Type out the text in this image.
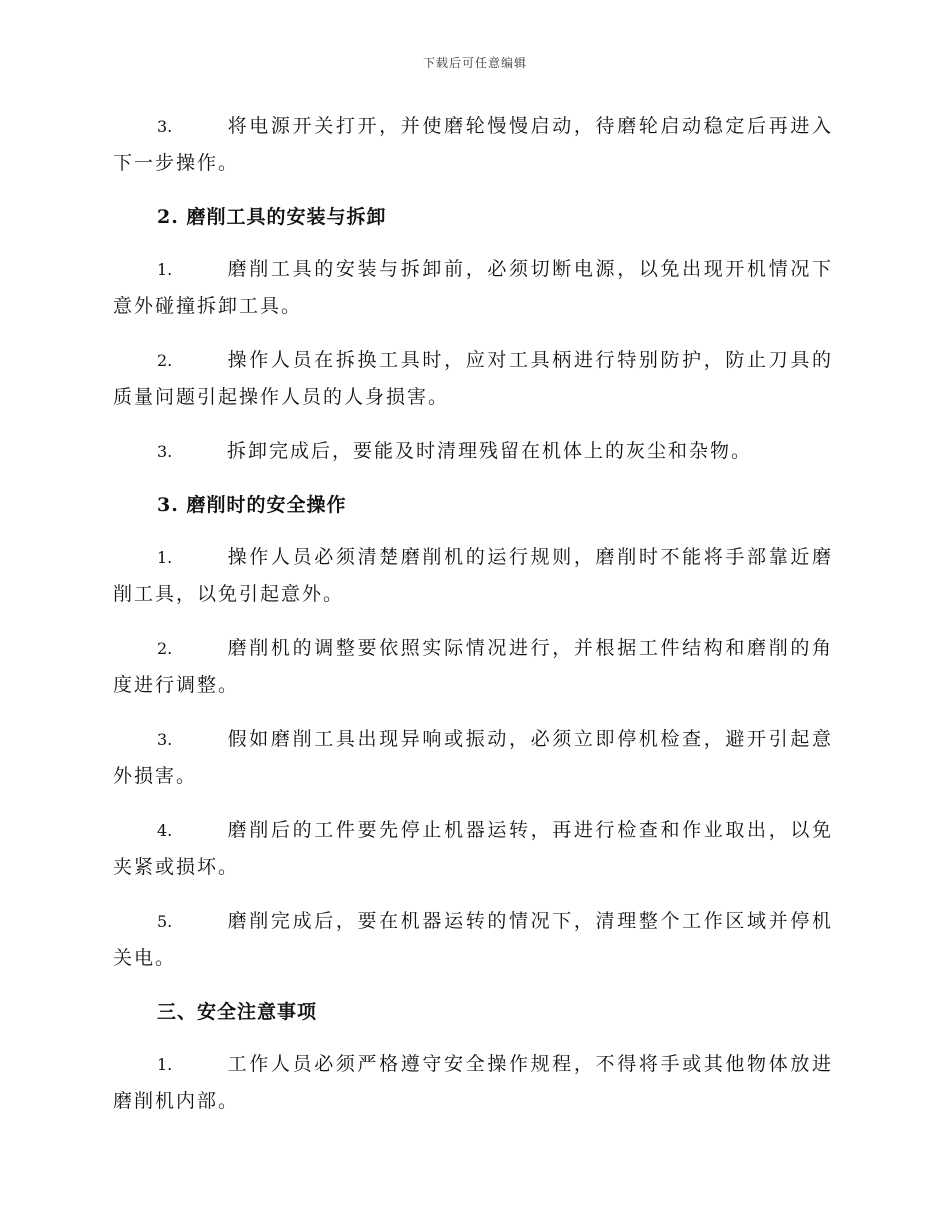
下载后可任意编辑
3.	将电源开关打开，并使磨轮慢慢启动，待磨轮启动稳定后再进入下一步操作。
2. 磨削工具的安装与拆卸
1.	磨削工具的安装与拆卸前，必须切断电源，以免出现开机情况下意外碰撞拆卸工具。
2.	操作人员在拆换工具时，应对工具柄进行特别防护，防止刀具的质量问题引起操作人员的人身损害。
3.	拆卸完成后，要能及时清理残留在机体上的灰尘和杂物。
3. 磨削时的安全操作
1.	操作人员必须清楚磨削机的运行规则，磨削时不能将手部靠近磨削工具，以免引起意外。
2.	磨削机的调整要依照实际情况进行，并根据工件结构和磨削的角度进行调整。
3.	假如磨削工具出现异响或振动，必须立即停机检查，避开引起意外损害。
4.	磨削后的工件要先停止机器运转，再进行检查和作业取出，以免夹紧或损坏。
5.	磨削完成后，要在机器运转的情况下，清理整个工作区域并停机关电。
三、安全注意事项
1.	工作人员必须严格遵守安全操作规程，不得将手或其他物体放进磨削机内部。
